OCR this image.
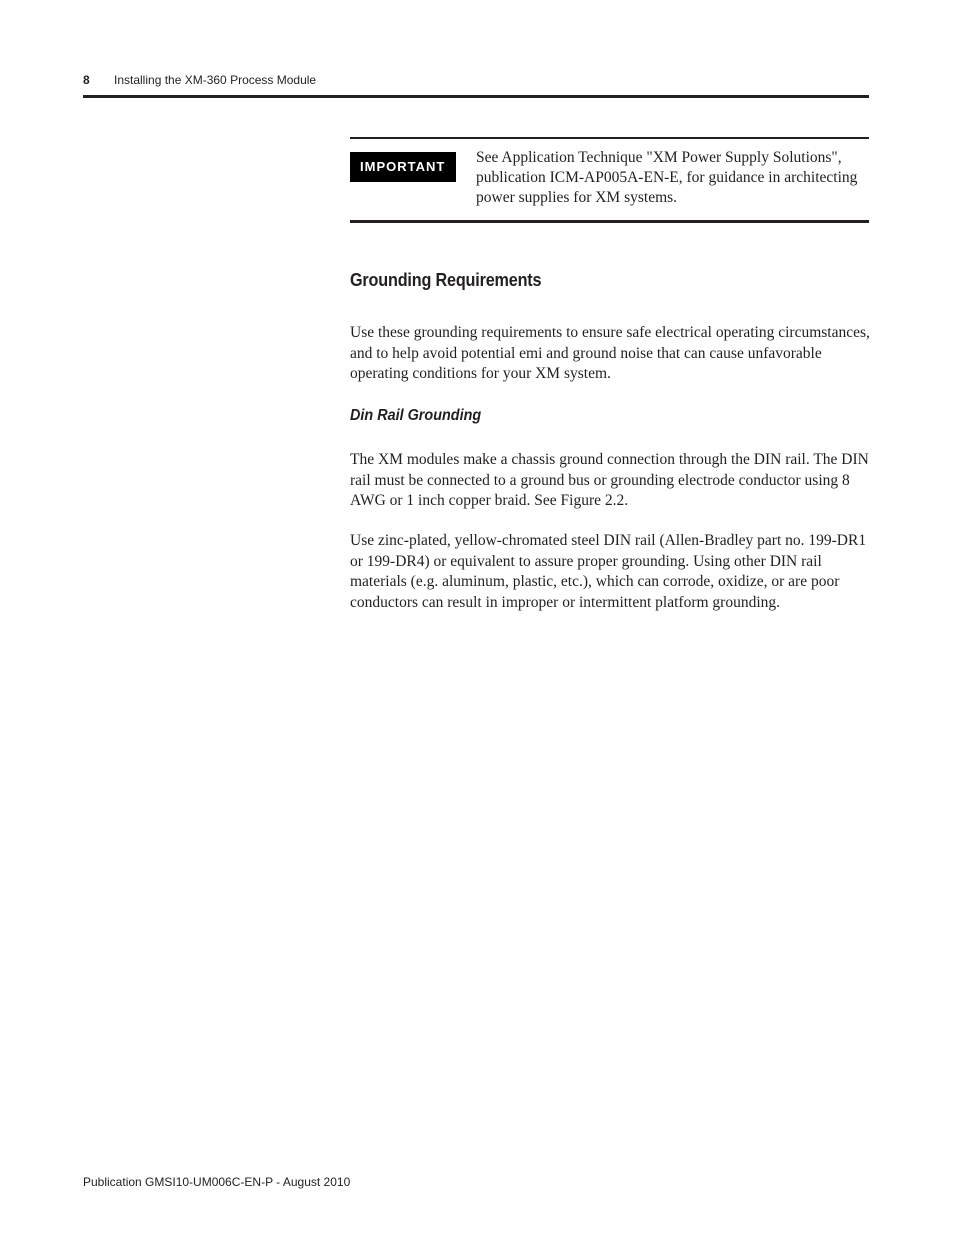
8 Installing the XM-360 Process Module
IMPORTANT
See Application Technique "XM Power Supply Solutions", publication ICM-AP005A-EN-E, for guidance in architecting power supplies for XM systems.
Grounding Requirements

Use these grounding requirements to ensure safe electrical operating circumstances, and to help avoid potential emi and ground noise that can cause unfavorable operating conditions for your XM system.

Din Rail Grounding

The XM modules make a chassis ground connection through the DIN rail. The DIN rail must be connected to a ground bus or grounding electrode conductor using 8 AWG or 1 inch copper braid. See Figure 2.2.

Use zinc-plated, yellow-chromated steel DIN rail (Allen-Bradley part no. 199-DR1 or 199-DR4) or equivalent to assure proper grounding. Using other DIN rail materials (e.g. aluminum, plastic, etc.), which can corrode, oxidize, or are poor conductors can result in improper or intermittent platform grounding.

Publication GMSI10-UM006C-EN-P - August 2010
